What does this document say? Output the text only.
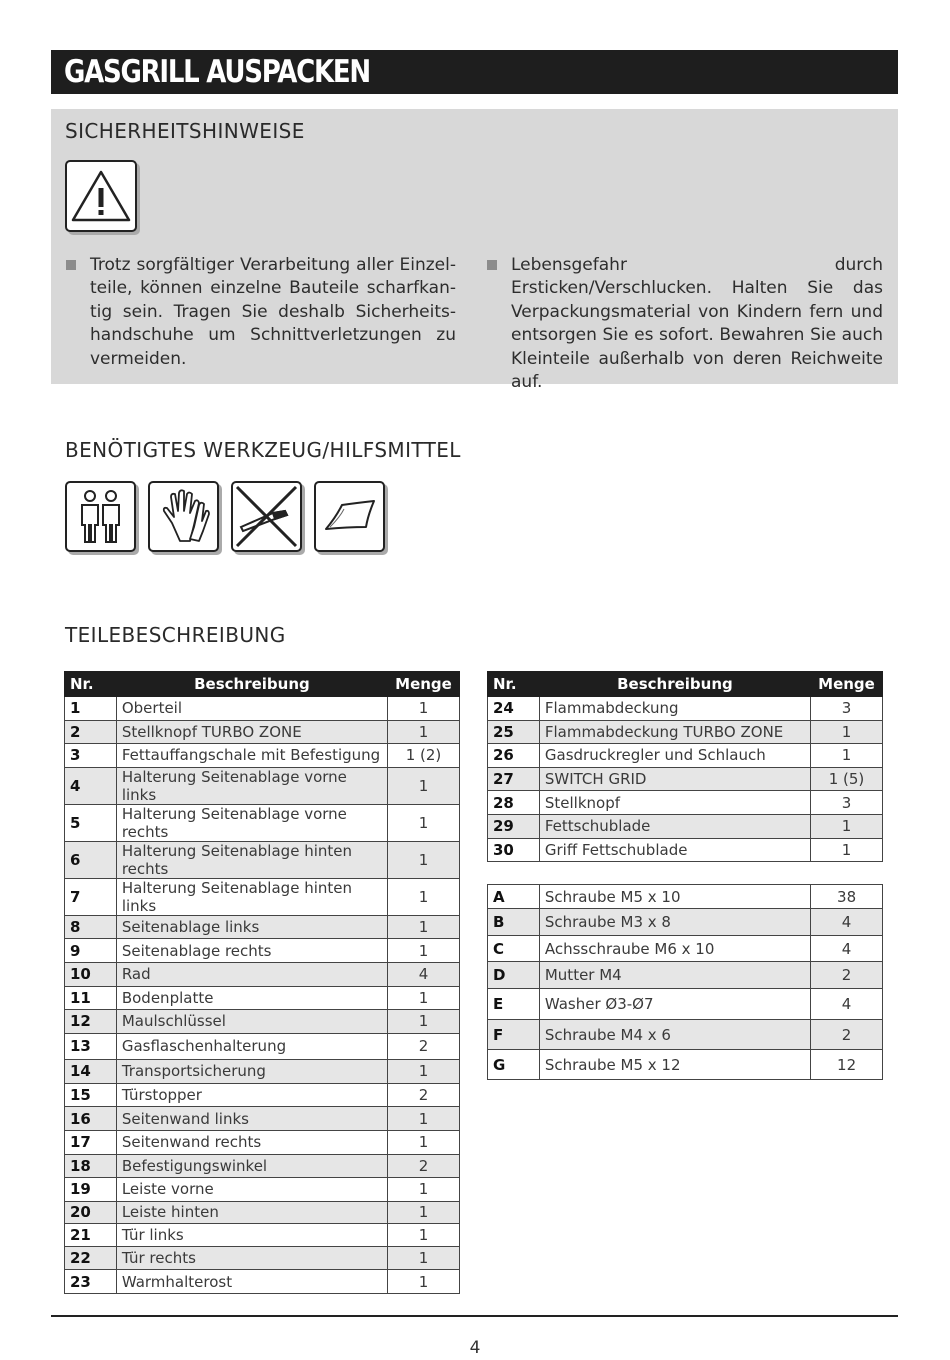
GASGRILL AUSPACKEN
SICHERHEITSHINWEISE

Trotz sorgfältiger Verarbeitung aller Einzelteile, können einzelne Bauteile scharfkantig sein. Tragen Sie deshalb Sicherheitshandschuhe um Schnittverletzungen zu vermeiden.

Lebensgefahr durch Ersticken/Verschlucken. Halten Sie das Verpackungsmaterial von Kindern fern und entsorgen Sie es sofort. Bewahren Sie auch Kleinteile außerhalb von deren Reichweite auf.

BENÖTIGTES WERKZEUG/HILFSMITTEL
TEILEBESCHREIBUNG
Nr.	Beschreibung	Menge
1	Oberteil	1
2	Stellknopf TURBO ZONE	1
3	Fettauffangschale mit Befestigung	1 (2)
4	Halterung Seitenablage vorne links	1
5	Halterung Seitenablage vorne rechts	1
6	Halterung Seitenablage hinten rechts	1
7	Halterung Seitenablage hinten links	1
8	Seitenablage links	1
9	Seitenablage rechts	1
10	Rad	4
11	Bodenplatte	1
12	Maulschlüssel	1
13	Gasflaschenhalterung	2
14	Transportsicherung	1
15	Türstopper	2
16	Seitenwand links	1
17	Seitenwand rechts	1
18	Befestigungswinkel	2
19	Leiste vorne	1
20	Leiste hinten	1
21	Tür links	1
22	Tür rechts	1
23	Warmhalterost	1
Nr.	Beschreibung	Menge
24	Flammabdeckung	3
25	Flammabdeckung TURBO ZONE	1
26	Gasdruckregler und Schlauch	1
27	SWITCH GRID	1 (5)
28	Stellknopf	3
29	Fettschublade	1
30	Griff Fettschublade	1
A	Schraube M5 x 10	38
B	Schraube M3 x 8	4
C	Achsschraube M6 x 10	4
D	Mutter M4	2
E	Washer Ø3-Ø7	4
F	Schraube M4 x 6	2
G	Schraube M5 x 12	12
4
